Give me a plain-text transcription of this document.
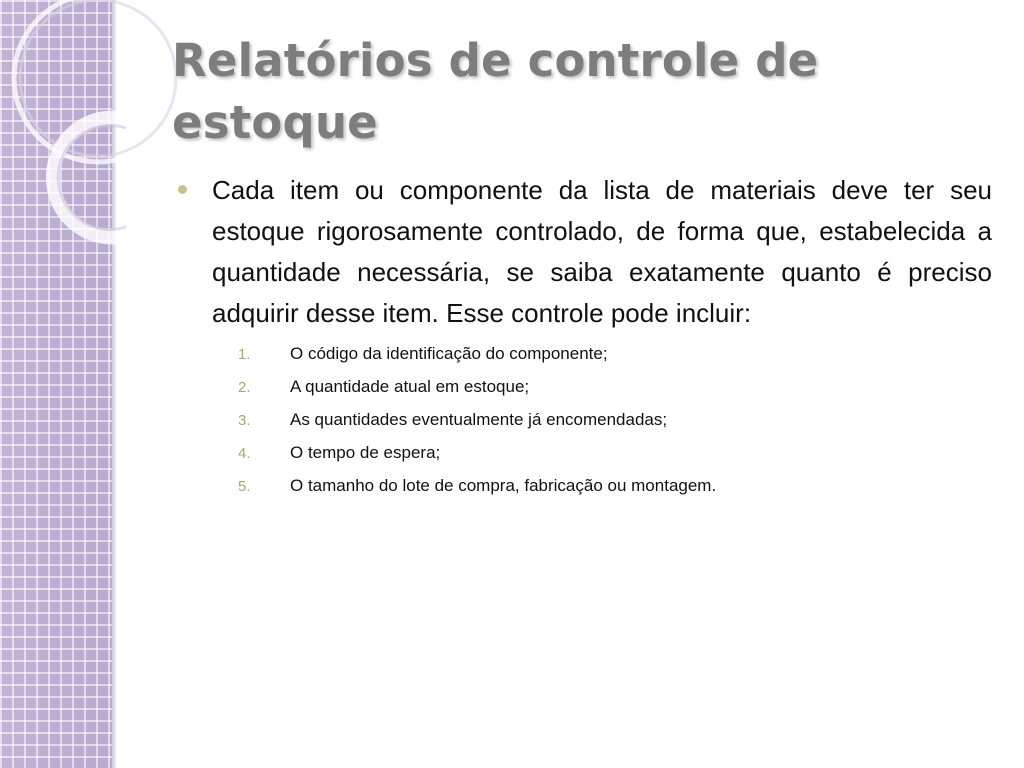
Relatórios de controle de estoque

Cada item ou componente da lista de materiais deve ter seu estoque rigorosamente controlado, de forma que, estabelecida a quantidade necessária, se saiba exatamente quanto é preciso adquirir desse item. Esse controle pode incluir:

1.	O código da identificação do componente;
2.	A quantidade atual em estoque;
3.	As quantidades eventualmente já encomendadas;
4.	O tempo de espera;
5.	O tamanho do lote de compra, fabricação ou montagem.
